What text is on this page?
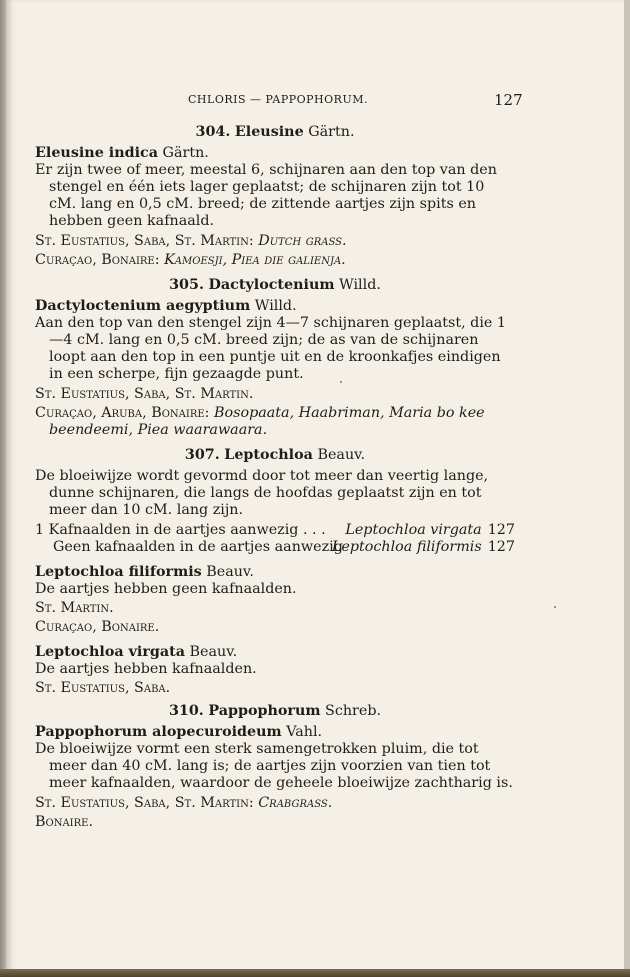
CHLORIS — PAPPOPHORUM.	127
304. Eleusine Gärtn.
Eleusine indica Gärtn.

Er zijn twee of meer, meestal 6, schijnaren aan den top van den stengel en één iets lager geplaatst; de schijnaren zijn tot 10 cM. lang en 0,5 cM. breed; de zittende aartjes zijn spits en hebben geen kafnaald.

St. Eustatius, Saba, St. Martin: Dutch grass.

Curaçao, Bonaire: Kamoesji, Piea die galienja.

305. Dactyloctenium Willd.
Dactyloctenium aegyptium Willd.

Aan den top van den stengel zijn 4—7 schijnaren geplaatst, die 1—4 cM. lang en 0,5 cM. breed zijn; de as van de schijnaren loopt aan den top in een puntje uit en de kroonkafjes eindigen in een scherpe, fijn gezaagde punt.

St. Eustatius, Saba, St. Martin.

Curaçao, Aruba, Bonaire: Bosopaata, Haabriman, Maria bo kee beendeemi, Piea waarawaara.

307. Leptochloa Beauv.

De bloeiwijze wordt gevormd door tot meer dan veertig lange, dunne schijnaren, die langs de hoofdas geplaatst zijn en tot meer dan 10 cM. lang zijn.

1 Kafnaalden in de aartjes aanwezig . . . Leptochloa virgata 127
Geen kafnaalden in de aartjes aanwezig
Leptochloa filiformis 127
Leptochloa filiformis Beauv.

De aartjes hebben geen kafnaalden.

St. Martin.

Curaçao, Bonaire.

Leptochloa virgata Beauv.

De aartjes hebben kafnaalden.

St. Eustatius, Saba.

310. Pappophorum Schreb.
Pappophorum alopecuroideum Vahl.

De bloeiwijze vormt een sterk samengetrokken pluim, die tot meer dan 40 cM. lang is; de aartjes zijn voorzien van tien tot meer kafnaalden, waardoor de geheele bloeiwijze zachtharig is.

St. Eustatius, Saba, St. Martin: Crabgrass.

Bonaire.
